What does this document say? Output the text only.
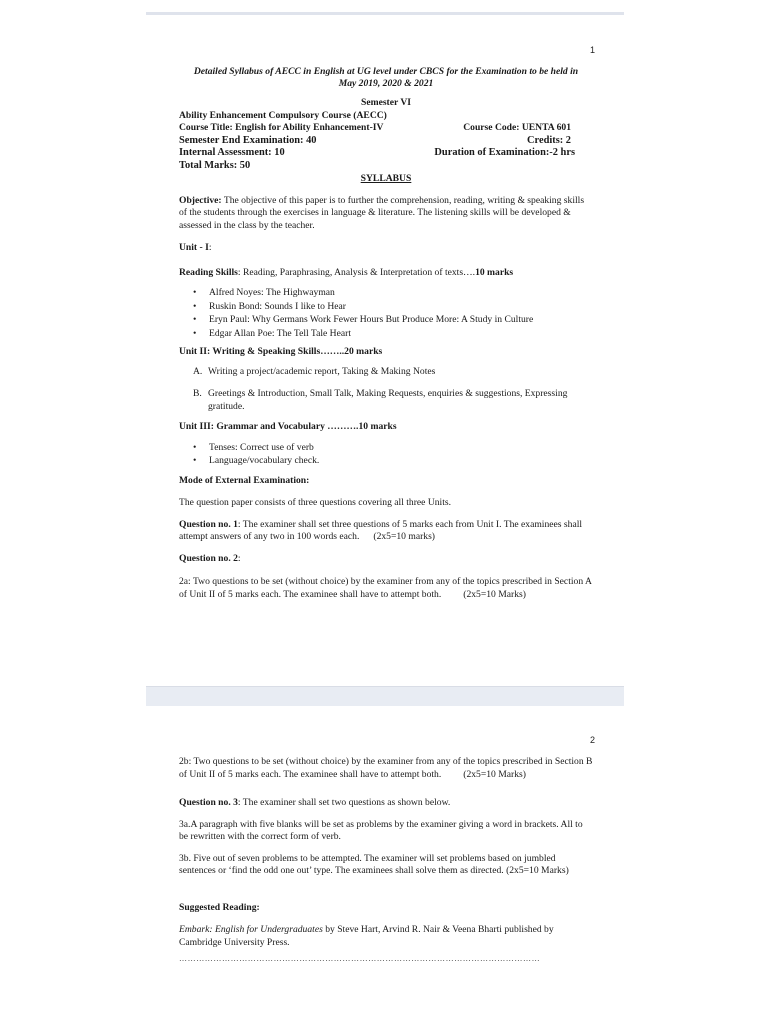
1
Detailed Syllabus of AECC in English at UG level under CBCS for the Examination to be held in
May 2019, 2020 & 2021
Semester VI
Ability Enhancement Compulsory Course (AECC)
Course Title: English for Ability Enhancement-IV	Course Code: UENTA 601
Semester End Examination: 40	Credits: 2
Internal Assessment: 10	Duration of Examination:-2 hrs
Total Marks: 50
SYLLABUS

Objective: The objective of this paper is to further the comprehension, reading, writing & speaking skills of the students through the exercises in language & literature. The listening skills will be developed & assessed in the class by the teacher.

Unit - I:

Reading Skills: Reading, Paraphrasing, Analysis & Interpretation of texts….10 marks

• Alfred Noyes: The Highwayman
• Ruskin Bond: Sounds I like to Hear
• Eryn Paul: Why Germans Work Fewer Hours But Produce More: A Study in Culture
• Edgar Allan Poe: The Tell Tale Heart

Unit II: Writing & Speaking Skills……..20 marks

A. Writing a project/academic report, Taking & Making Notes
B. Greetings & Introduction, Small Talk, Making Requests, enquiries & suggestions, Expressing gratitude.

Unit III: Grammar and Vocabulary ……….10 marks

• Tenses: Correct use of verb
• Language/vocabulary check.

Mode of External Examination:

The question paper consists of three questions covering all three Units.

Question no. 1: The examiner shall set three questions of 5 marks each from Unit I. The examinees shall attempt answers of any two in 100 words each. (2x5=10 marks)

Question no. 2:

2a: Two questions to be set (without choice) by the examiner from any of the topics prescribed in Section A of Unit II of 5 marks each. The examinee shall have to attempt both. (2x5=10 Marks)

2

2b: Two questions to be set (without choice) by the examiner from any of the topics prescribed in Section B of Unit II of 5 marks each. The examinee shall have to attempt both. (2x5=10 Marks)

Question no. 3: The examiner shall set two questions as shown below.

3a.A paragraph with five blanks will be set as problems by the examiner giving a word in brackets. All to be rewritten with the correct form of verb.

3b. Five out of seven problems to be attempted. The examiner will set problems based on jumbled sentences or ‘find the odd one out’ type. The examinees shall solve them as directed. (2x5=10 Marks)

Suggested Reading:

Embark: English for Undergraduates by Steve Hart, Arvind R. Nair & Veena Bharti published by Cambridge University Press.

………………………………………………………………………………………………………………
